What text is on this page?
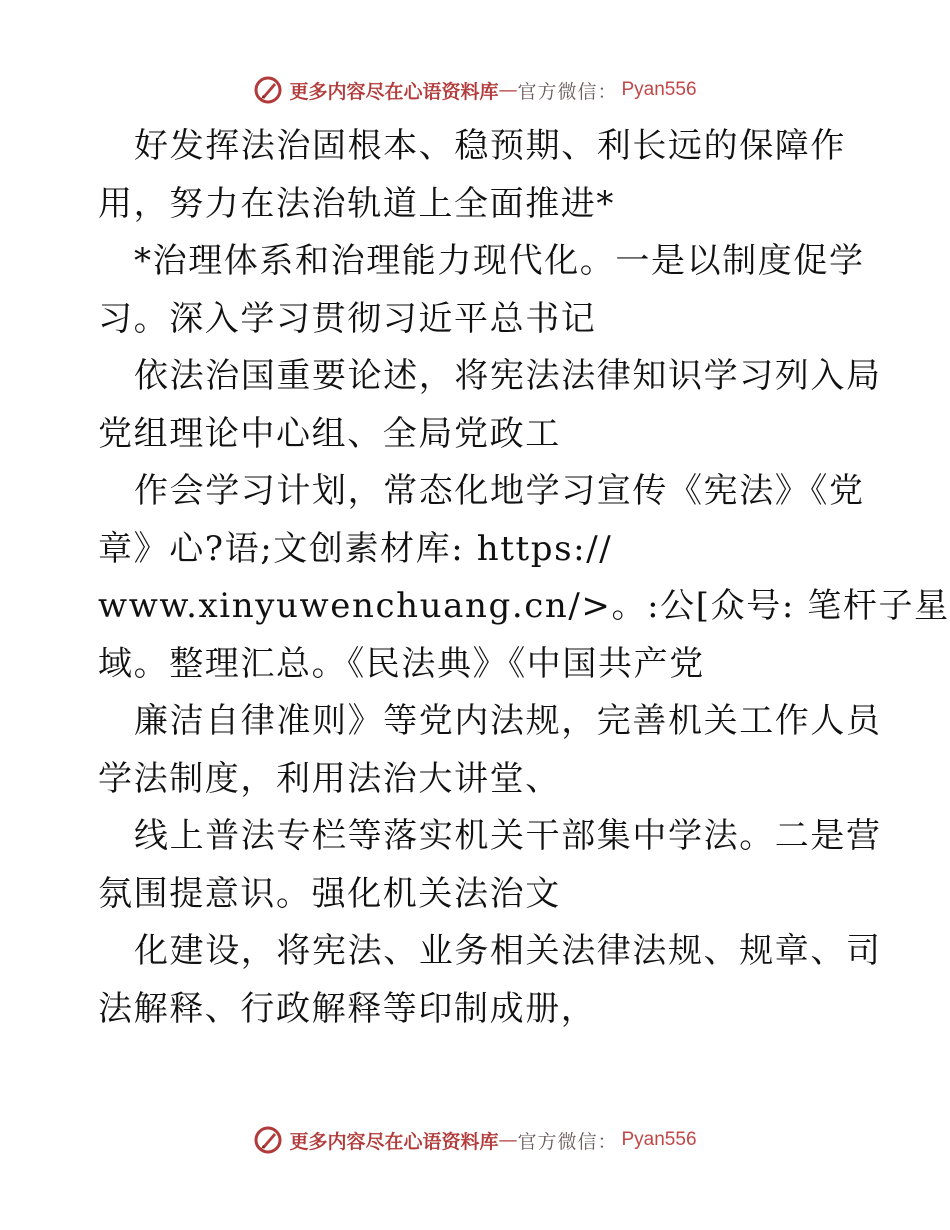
更多内容尽在心语资料库 — 官方微信： Pyan556
好发挥法治固根本、稳预期、利长远的保障作
用，努力在法治轨道上全面推进*
*治理体系和治理能力现代化。一是以制度促学
习。深入学习贯彻习近平总书记
依法治国重要论述，将宪法法律知识学习列入局
党组理论中心组、全局党政工
作会学习计划，常态化地学习宣传《宪法》《党
章》心?语;文创素材库: https://
www.xinyuwenchuang.cn/>。:公[众号: 笔杆子星
域。整理汇总。《民法典》《中国共产党
廉洁自律准则》等党内法规，完善机关工作人员
学法制度，利用法治大讲堂、
线上普法专栏等落实机关干部集中学法。二是营
氛围提意识。强化机关法治文
化建设，将宪法、业务相关法律法规、规章、司
法解释、行政解释等印制成册，
更多内容尽在心语资料库 — 官方微信： Pyan556
